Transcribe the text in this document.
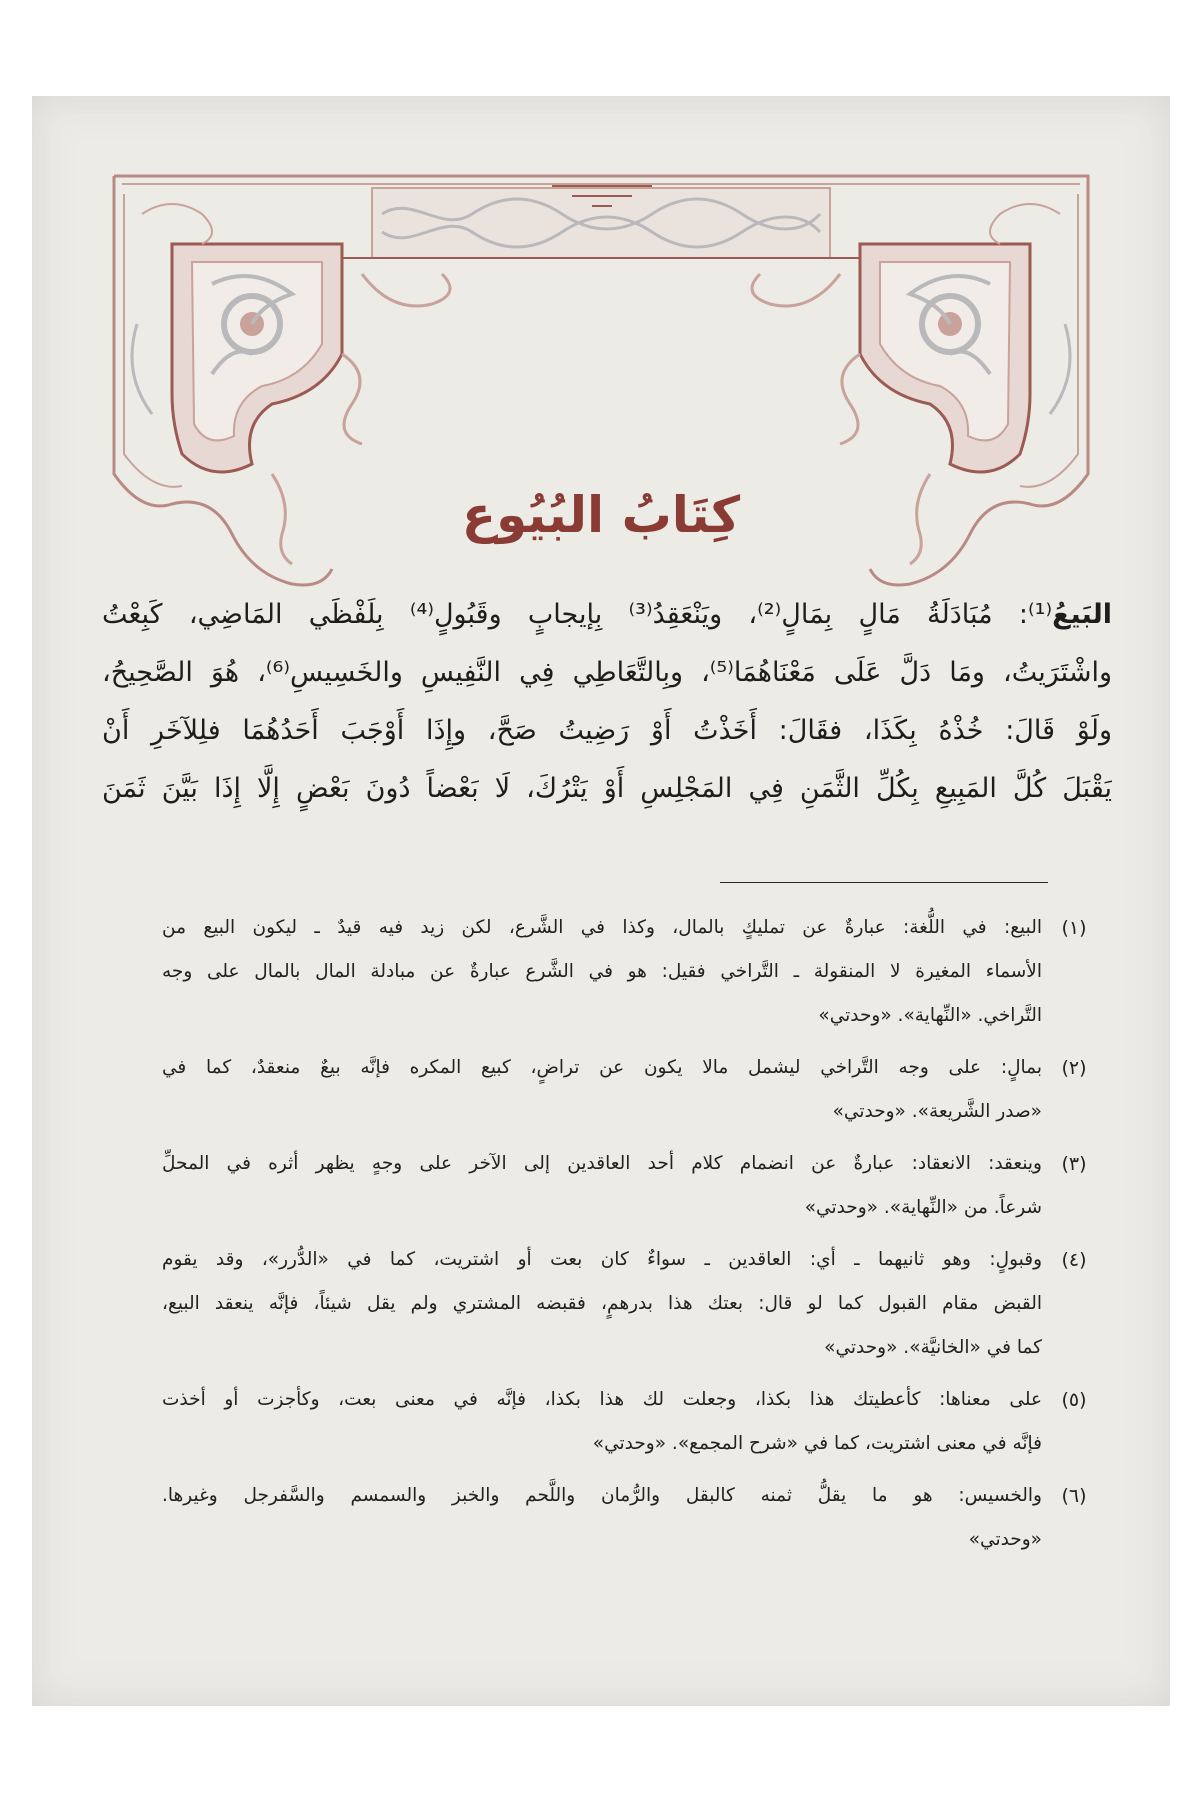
كِتَابُ البُيُوع
البَيعُ⁽¹⁾: مُبَادَلَةُ مَالٍ بِمَالٍ⁽²⁾، ويَنْعَقِدُ⁽³⁾ بِإيجابٍ وقَبُولٍ⁽⁴⁾ بِلَفْظَي المَاضِي، كَبِعْتُ
واشْتَرَيتُ، ومَا دَلَّ عَلَى مَعْنَاهُمَا⁽⁵⁾، وبِالتَّعَاطِي فِي النَّفِيسِ والخَسِيسِ⁽⁶⁾، هُوَ الصَّحِيحُ،
ولَوْ قَالَ: خُذْهُ بِكَذَا، فقَالَ: أَخَذْتُ أَوْ رَضِيتُ صَحَّ، وإِذَا أَوْجَبَ أَحَدُهُمَا فلِلآخَرِ أَنْ
يَقْبَلَ كُلَّ المَبِيعِ بِكُلِّ الثَّمَنِ فِي المَجْلِسِ أَوْ يَتْرُكَ، لَا بَعْضاً دُونَ بَعْضٍ إِلَّا إِذَا بَيَّنَ ثَمَنَ
(١)
البيع: في اللُّغة: عبارةٌ عن تمليكٍ بالمال، وكذا في الشَّرع، لكن زيد فيه قيدٌ ـ ليكون البيع من
الأسماء المغيرة لا المنقولة ـ التَّراخي فقيل: هو في الشَّرع عبارةٌ عن مبادلة المال بالمال على وجه
التَّراخي. «النِّهاية». «وحدتي»
(٢)
بمالٍ: على وجه التَّراخي ليشمل مالا يكون عن تراضٍ، كبيع المكره فإنَّه بيعٌ منعقدٌ، كما في
«صدر الشَّريعة». «وحدتي»
(٣)
وينعقد: الانعقاد: عبارةٌ عن انضمام كلام أحد العاقدين إلى الآخر على وجهٍ يظهر أثره في المحلِّ
شرعاً. من «النِّهاية». «وحدتي»
(٤)
وقبولٍ: وهو ثانيهما ـ أي: العاقدين ـ سواءٌ كان بعت أو اشتريت، كما في «الدُّرر»، وقد يقوم
القبض مقام القبول كما لو قال: بعتك هذا بدرهمٍ، فقبضه المشتري ولم يقل شيئاً، فإنَّه ينعقد البيع،
كما في «الخانيَّة». «وحدتي»
(٥)
على معناها: كأعطيتك هذا بكذا، وجعلت لك هذا بكذا، فإنَّه في معنى بعت، وكأجزت أو أخذت
فإنَّه في معنى اشتريت، كما في «شرح المجمع». «وحدتي»
(٦)
والخسيس: هو ما يقلُّ ثمنه كالبقل والرُّمان واللَّحم والخبز والسمسم والسَّفرجل وغيرها.
«وحدتي»
